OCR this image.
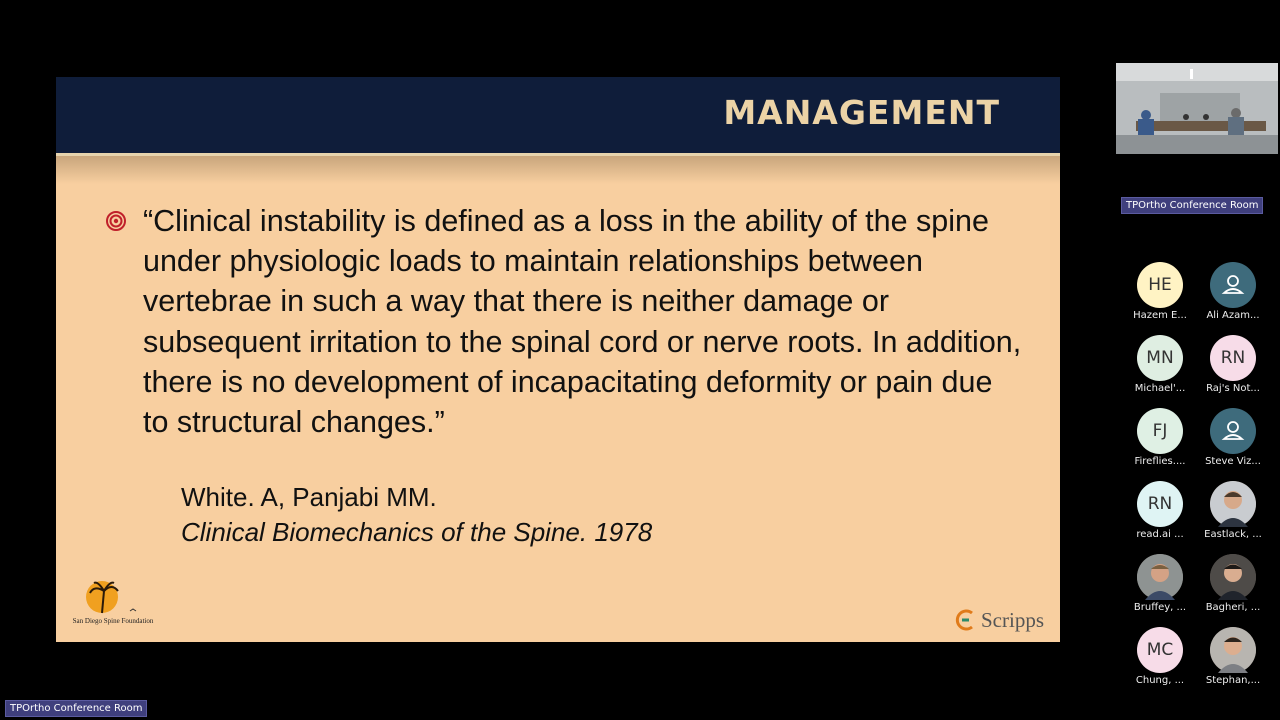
MANAGEMENT

“Clinical instability is defined as a loss in the ability of the spine under physiologic loads to maintain relationships between vertebrae in such a way that there is neither damage or subsequent irritation to the spinal cord or nerve roots. In addition, there is no development of incapacitating deformity or pain due to structural changes.”

White. A, Panjabi MM.
Clinical Biomechanics of the Spine. 1978
San Diego Spine Foundation	Scripps
TPOrtho Conference Room
HE
Hazem E...	Ali Azam...
MN
Michael'...
RN
Raj's Not...
FJ
Fireflies....	Steve Viz...
RN
read.ai ...	Eastlack, ...
Bruffey, ...	Bagheri, ...
MC
Chung, ...	Stephan,...
TPOrtho Conference Room
